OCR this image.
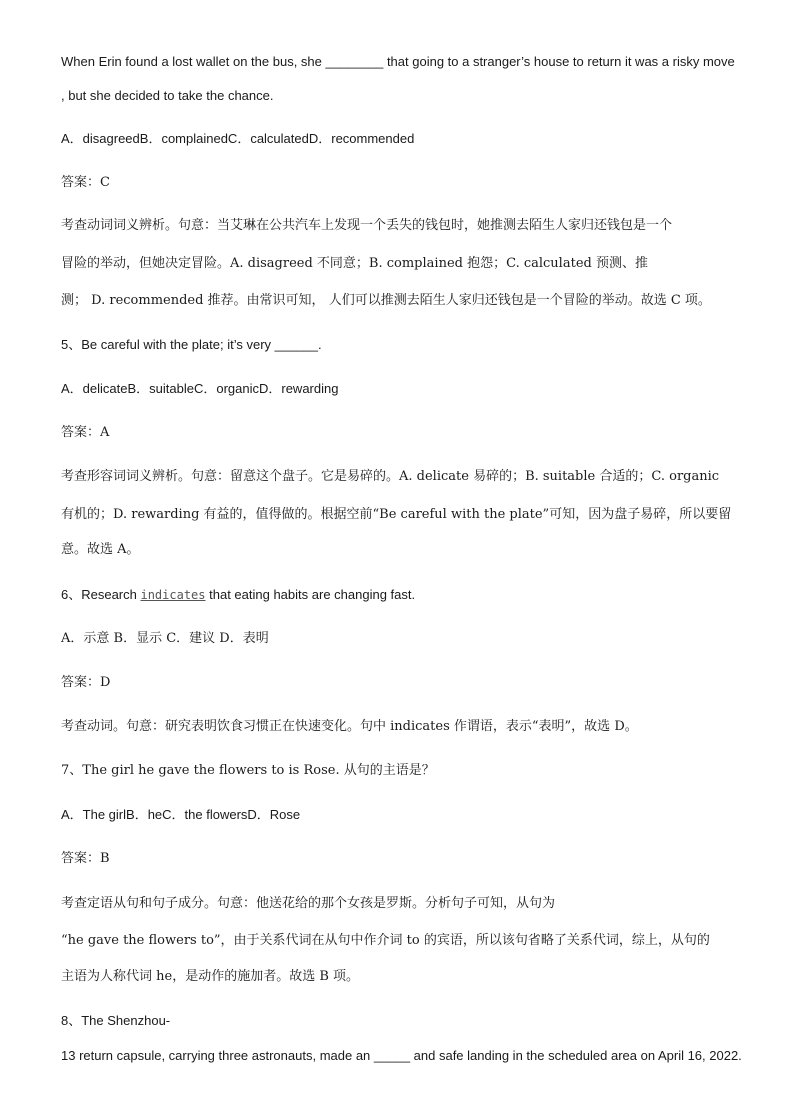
When Erin found a lost wallet on the bus, she ________ that going to a stranger’s house to return it was a risky move
, but she decided to take the chance.
A．disagreedB．complainedC．calculatedD．recommended
答案：C
考查动词词义辨析。句意：当艾琳在公共汽车上发现一个丢失的钱包时，她推测去陌生人家归还钱包是一个
冒险的举动，但她决定冒险。A. disagreed 不同意；B. complained 抱怨；C. calculated 预测、推
测； D. recommended 推荐。由常识可知， 人们可以推测去陌生人家归还钱包是一个冒险的举动。故选 C 项。
5、Be careful with the plate; it’s very ______.
A．delicateB．suitableC．organicD．rewarding
答案：A
考查形容词词义辨析。句意：留意这个盘子。它是易碎的。A. delicate 易碎的；B. suitable 合适的；C. organic
有机的；D. rewarding 有益的，值得做的。根据空前“Be careful with the plate”可知，因为盘子易碎，所以要留
意。故选 A。
A．示意 B．显示 C．建议 D．表明
答案：D
考查动词。句意：研究表明饮食习惯正在快速变化。句中 indicates 作谓语，表示“表明”，故选 D。
7、The girl he gave the flowers to is Rose. 从句的主语是？
A．The girlB．heC．the flowersD．Rose
答案：B
考查定语从句和句子成分。句意：他送花给的那个女孩是罗斯。分析句子可知，从句为
“he gave the flowers to”，由于关系代词在从句中作介词 to 的宾语，所以该句省略了关系代词，综上，从句的
主语为人称代词 he，是动作的施加者。故选 B 项。
8、The Shenzhou-
13 return capsule, carrying three astronauts, made an _____ and safe landing in the scheduled area on April 16, 2022.
6、Research indicates that eating habits are changing fast.
